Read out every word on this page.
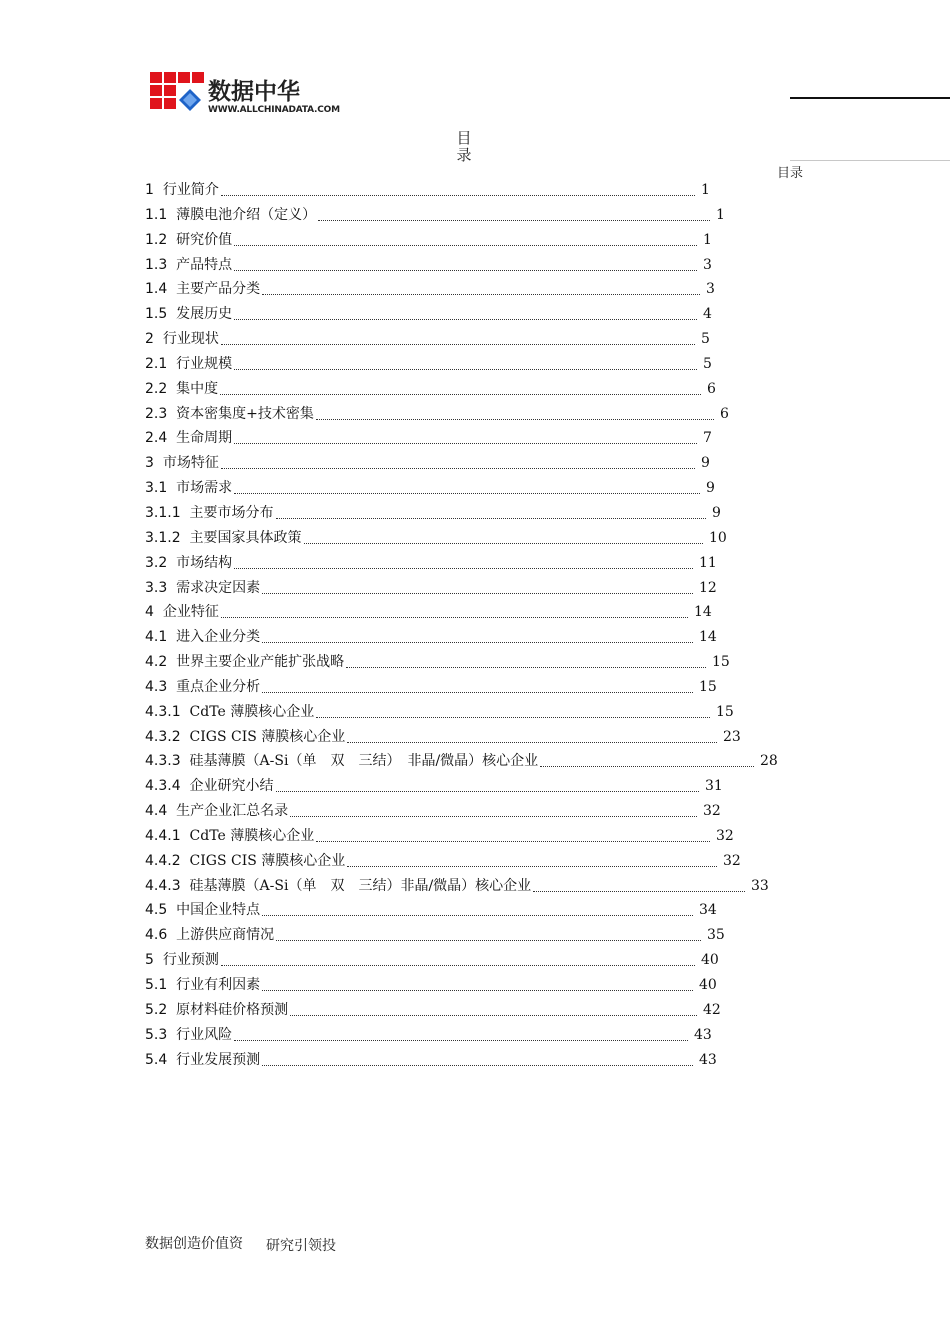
数据中华
WWW.ALLCHINADATA.COM
目录
目录
1 行业简介	1
1.1 薄膜电池介绍（定义）	1
1.2 研究价值	1
1.3 产品特点	3
1.4 主要产品分类	3
1.5 发展历史	4
2 行业现状	5
2.1 行业规模	5
2.2 集中度	6
2.3 资本密集度+技术密集	6
2.4 生命周期	7
3 市场特征	9
3.1 市场需求	9
3.1.1 主要市场分布	9
3.1.2 主要国家具体政策	10
3.2 市场结构	11
3.3 需求决定因素	12
4 企业特征	14
4.1 进入企业分类	14
4.2 世界主要企业产能扩张战略	15
4.3 重点企业分析	15
4.3.1 CdTe 薄膜核心企业	15
4.3.2 CIGS CIS 薄膜核心企业	23
4.3.3 硅基薄膜（A-Si（单　双　三结）　非晶/微晶）核心企业	28
4.3.4 企业研究小结	31
4.4 生产企业汇总名录	32
4.4.1 CdTe 薄膜核心企业	32
4.4.2 CIGS CIS 薄膜核心企业	32
4.4.3 硅基薄膜（A-Si（单　双　三结）非晶/微晶）核心企业	33
4.5 中国企业特点	34
4.6 上游供应商情况	35
5 行业预测	40
5.1 行业有利因素	40
5.2 原材料硅价格预测	42
5.3 行业风险	43
5.4 行业发展预测	43
数据创造价值资 研究引领投
